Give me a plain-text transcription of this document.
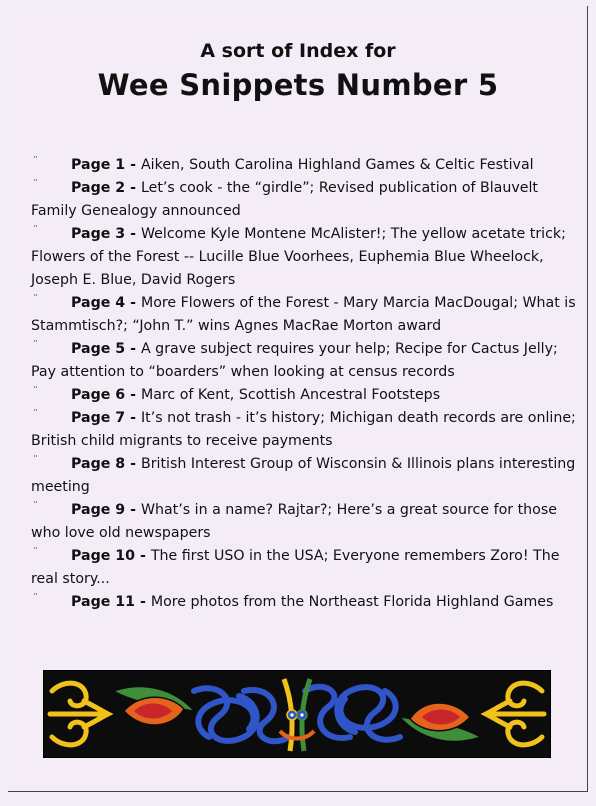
A sort of Index for
Wee Snippets Number 5

¨ Page 1 - Aiken, South Carolina Highland Games & Celtic Festival

¨ Page 2 - Let’s cook - the “girdle”; Revised publication of Blauvelt Family Genealogy announced

¨ Page 3 - Welcome Kyle Montene McAlister!; The yellow acetate trick; Flowers of the Forest -- Lucille Blue Voorhees, Euphemia Blue Wheelock, Joseph E. Blue, David Rogers

¨ Page 4 - More Flowers of the Forest - Mary Marcia MacDougal; What is Stammtisch?; “John T.” wins Agnes MacRae Morton award

¨ Page 5 - A grave subject requires your help; Recipe for Cactus Jelly; Pay attention to “boarders” when looking at census records

¨ Page 6 - Marc of Kent, Scottish Ancestral Footsteps

¨ Page 7 - It’s not trash - it’s history; Michigan death records are online; British child migrants to receive payments

¨ Page 8 - British Interest Group of Wisconsin & Illinois plans interesting meeting

¨ Page 9 - What’s in a name? Rajtar?; Here’s a great source for those who love old newspapers

¨ Page 10 - The first USO in the USA; Everyone remembers Zoro! The real story...

¨ Page 11 - More photos from the Northeast Florida Highland Games
